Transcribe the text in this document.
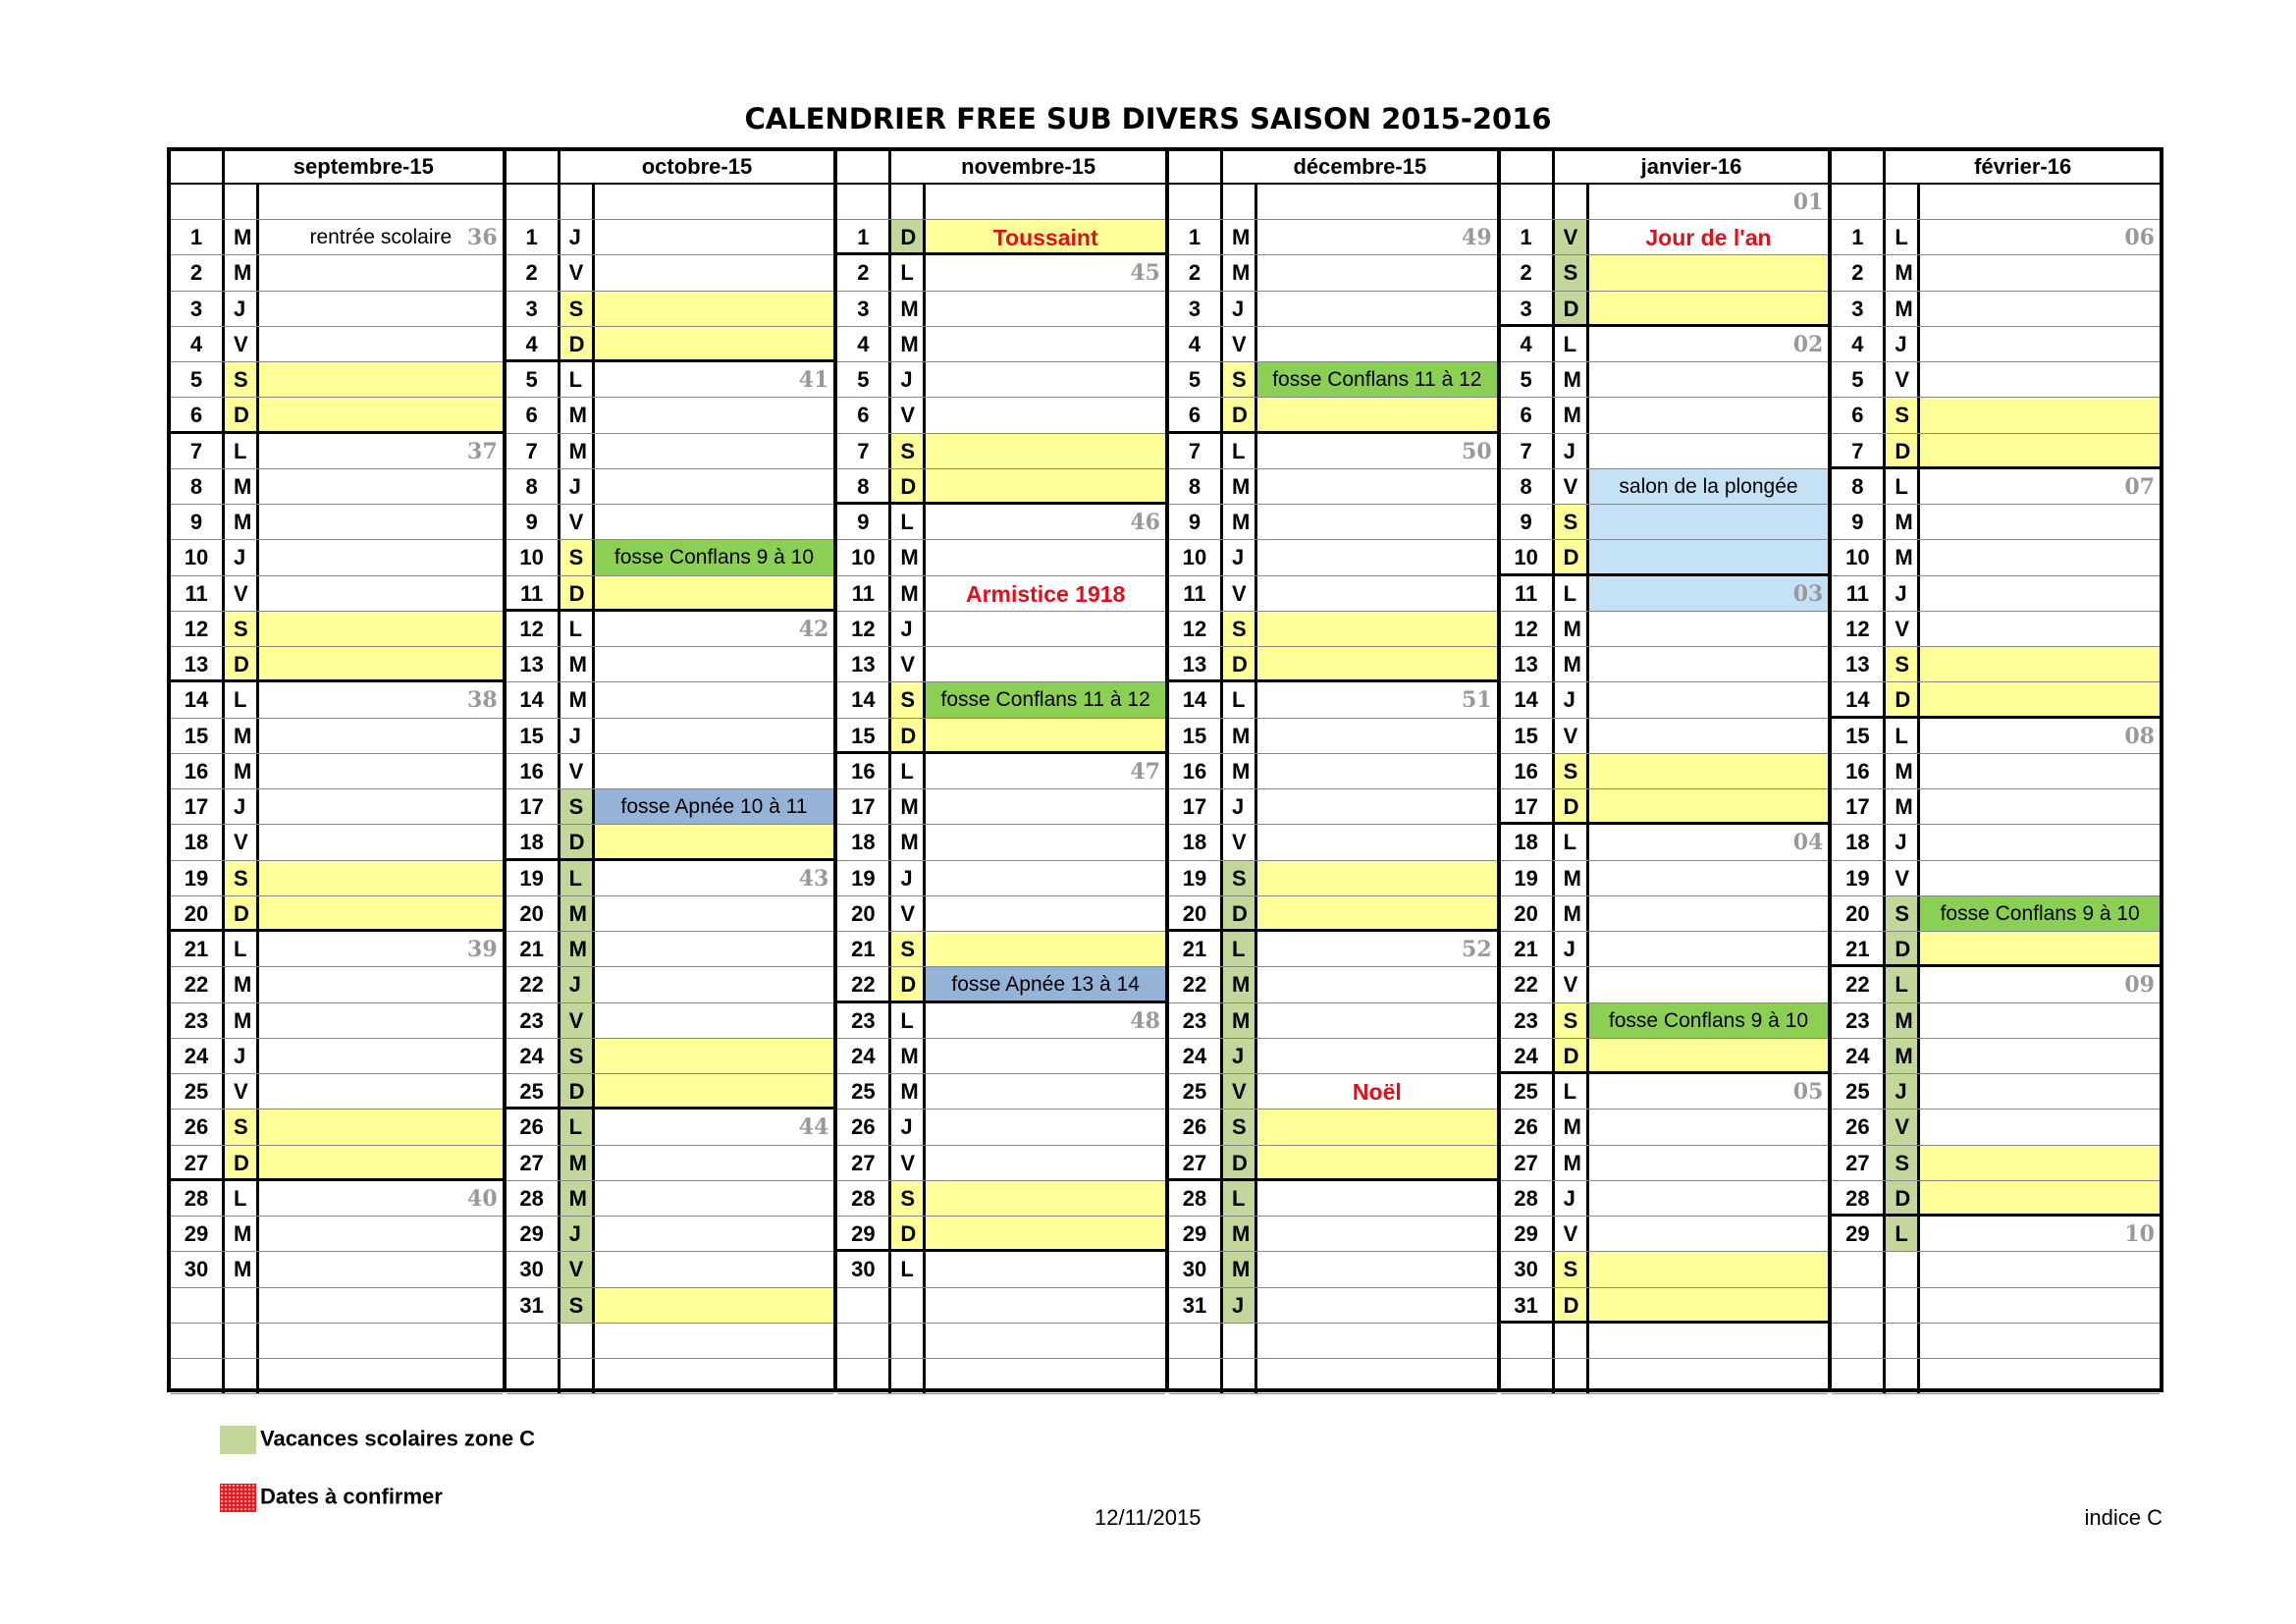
CALENDRIER FREE SUB DIVERS SAISON 2015-2016
septembre-15
1	M	rentrée scolaire 36
2	M
3	J
4	V
5	S
6	D
7	L	37
8	M
9	M
10	J
11	V
12	S
13	D
14	L	38
15	M
16	M
17	J
18	V
19	S
20	D
21	L	39
22	M
23	M
24	J
25	V
26	S
27	D
28	L	40
29	M
30	M
octobre-15
1	J
2	V
3	S
4	D
5	L	41
6	M
7	M
8	J
9	V
10	S	fosse Conflans 9 à 10
11	D
12	L	42
13	M
14	M
15	J
16	V
17	S	fosse Apnée 10 à 11
18	D
19	L	43
20	M
21	M
22	J
23	V
24	S
25	D
26	L	44
27	M
28	M
29	J
30	V
31	S
novembre-15
1	D	Toussaint
2	L	45
3	M
4	M
5	J
6	V
7	S
8	D
9	L	46
10	M
11	M	Armistice 1918
12	J
13	V
14	S	fosse Conflans 11 à 12
15	D
16	L	47
17	M
18	M
19	J
20	V
21	S
22	D	fosse Apnée 13 à 14
23	L	48
24	M
25	M
26	J
27	V
28	S
29	D
30	L
décembre-15
1	M	49
2	M
3	J
4	V
5	S	fosse Conflans 11 à 12
6	D
7	L	50
8	M
9	M
10	J
11	V
12	S
13	D
14	L	51
15	M
16	M
17	J
18	V
19	S
20	D
21	L	52
22	M
23	M
24	J
25	V	Noël
26	S
27	D
28	L
29	M
30	M
31	J
janvier-16
01
1	V	Jour de l'an
2	S
3	D
4	L	02
5	M
6	M
7	J
8	V	salon de la plongée
9	S
10	D
11	L	03
12	M
13	M
14	J
15	V
16	S
17	D
18	L	04
19	M
20	M
21	J
22	V
23	S	fosse Conflans 9 à 10
24	D
25	L	05
26	M
27	M
28	J
29	V
30	S
31	D
février-16
1	L	06
2	M
3	M
4	J
5	V
6	S
7	D
8	L	07
9	M
10	M
11	J
12	V
13	S
14	D
15	L	08
16	M
17	M
18	J
19	V
20	S	fosse Conflans 9 à 10
21	D
22	L	09
23	M
24	M
25	J
26	V
27	S
28	D
29	L	10
Vacances scolaires zone C
Dates à confirmer
12/11/2015	indice C
